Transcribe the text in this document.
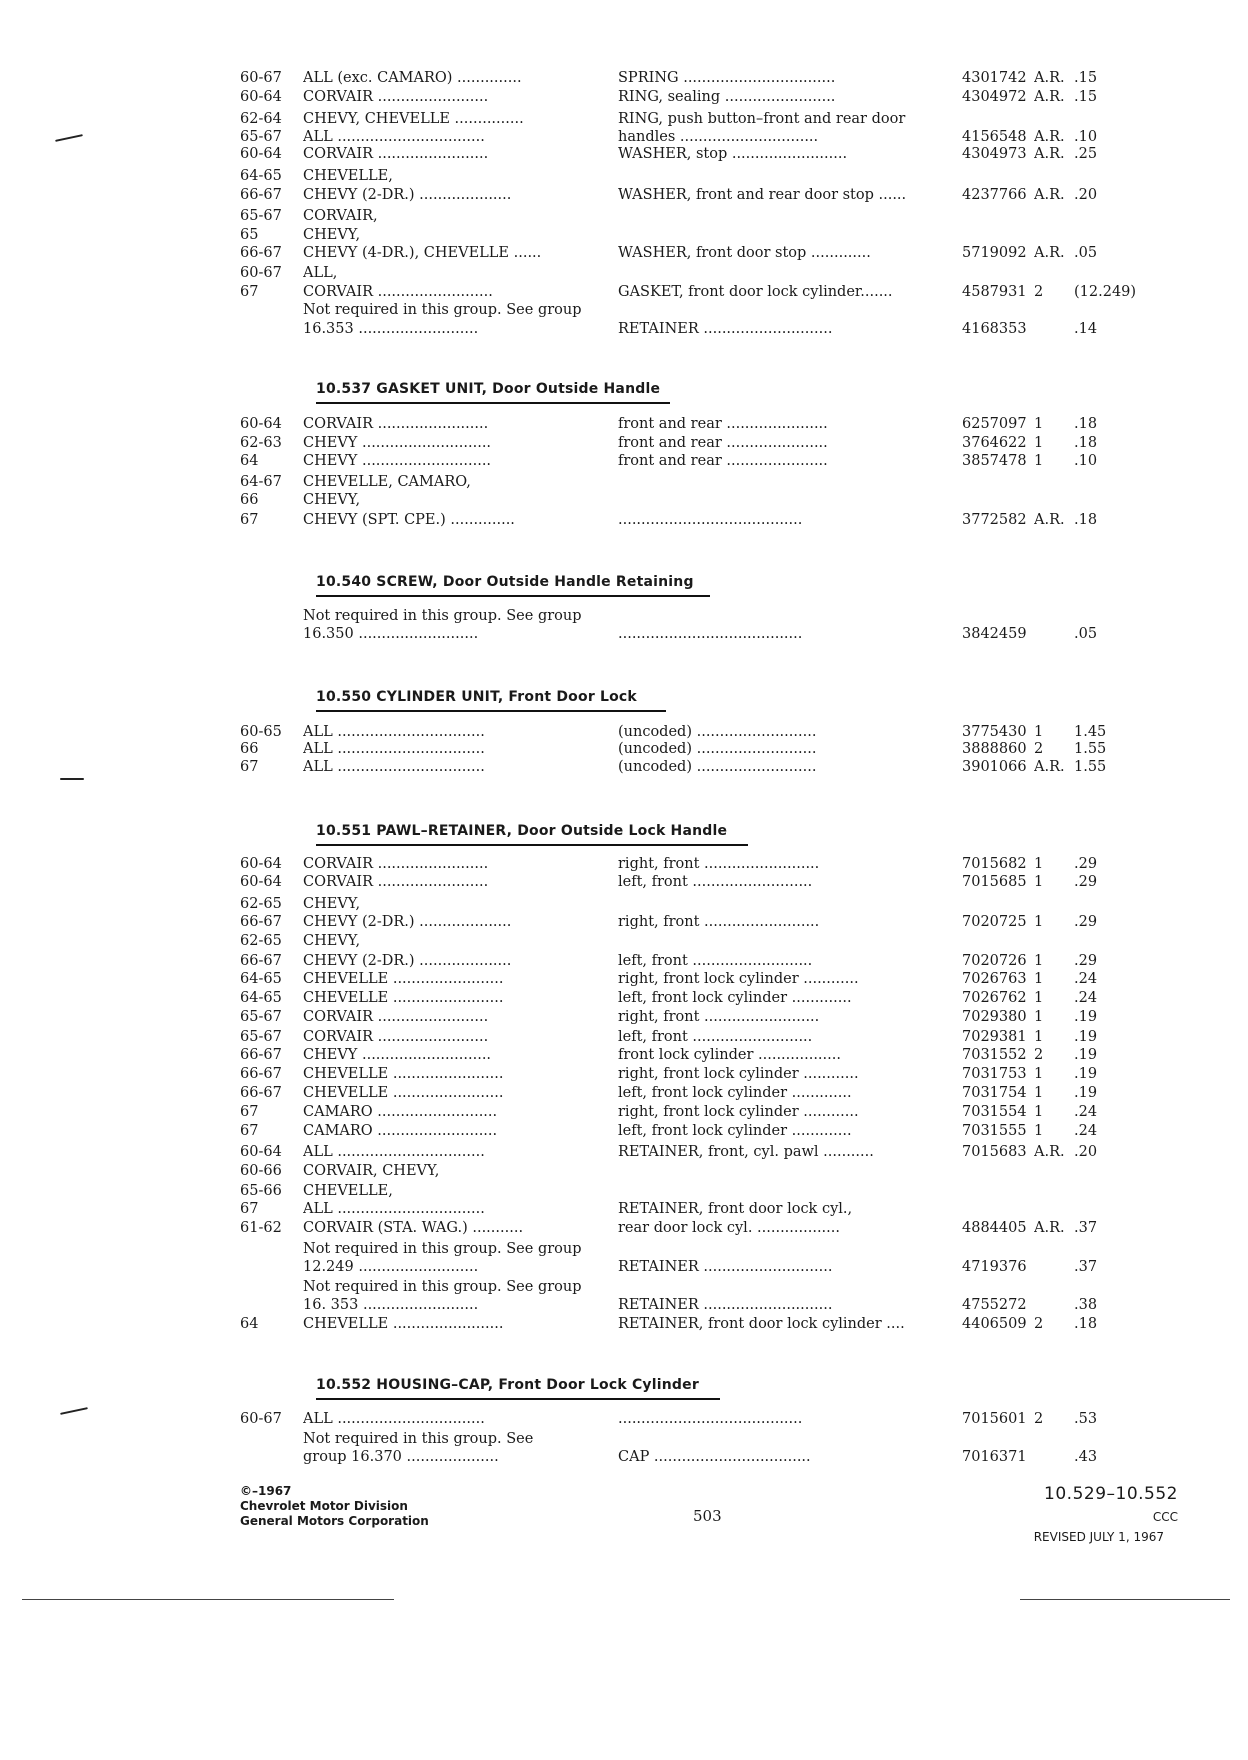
60-67	ALL (exc. CAMARO) ..............	SPRING .................................	4301742 A.R. .15
60-64	CORVAIR ........................	RING, sealing ........................	4304972 A.R. .15
62-64	CHEVY, CHEVELLE ...............	RING, push button–front and rear door
65-67	ALL ................................	handles ..............................	4156548 A.R. .10
60-64	CORVAIR ........................	WASHER, stop .........................	4304973 A.R. .25
64-65	CHEVELLE,
66-67	CHEVY (2-DR.) ....................	WASHER, front and rear door stop ......	4237766 A.R. .20
65-67	CORVAIR,
65	CHEVY,
66-67	CHEVY (4-DR.), CHEVELLE ......	WASHER, front door stop .............	5719092 A.R. .05
60-67	ALL,
67	CORVAIR .........................	GASKET, front door lock cylinder.......	4587931 2	(12.249)
Not required in this group. See group
16.353 ..........................	RETAINER ............................	4168353	.14
10.537 GASKET UNIT, Door Outside Handle
60-64	CORVAIR ........................	front and rear ......................	6257097 1	.18
62-63	CHEVY ............................	front and rear ......................	3764622 1	.18
64	CHEVY ............................	front and rear ......................	3857478 1	.10
64-67	CHEVELLE, CAMARO,
66	CHEVY,
67	CHEVY (SPT. CPE.) ..............	........................................	3772582 A.R. .18
10.540 SCREW, Door Outside Handle Retaining
Not required in this group. See group
16.350 ..........................	........................................	3842459	.05
10.550 CYLINDER UNIT, Front Door Lock
60-65	ALL ................................	(uncoded) ..........................	3775430 1	1.45
66	ALL ................................	(uncoded) ..........................	3888860 2	1.55
67	ALL ................................	(uncoded) ..........................	3901066 A.R. 1.55
10.551 PAWL–RETAINER, Door Outside Lock Handle
60-64	CORVAIR ........................	right, front .........................	7015682 1	.29
60-64	CORVAIR ........................	left, front ..........................	7015685 1	.29
62-65	CHEVY,
66-67	CHEVY (2-DR.) ....................	right, front .........................	7020725 1	.29
62-65	CHEVY,
66-67	CHEVY (2-DR.) ....................	left, front ..........................	7020726 1	.29
64-65	CHEVELLE ........................	right, front lock cylinder ............	7026763 1	.24
64-65	CHEVELLE ........................	left, front lock cylinder .............	7026762 1	.24
65-67	CORVAIR ........................	right, front .........................	7029380 1	.19
65-67	CORVAIR ........................	left, front ..........................	7029381 1	.19
66-67	CHEVY ............................	front lock cylinder ..................	7031552 2	.19
66-67	CHEVELLE ........................	right, front lock cylinder ............	7031753 1	.19
66-67	CHEVELLE ........................	left, front lock cylinder .............	7031754 1	.19
67	CAMARO ..........................	right, front lock cylinder ............	7031554 1	.24
67	CAMARO ..........................	left, front lock cylinder .............	7031555 1	.24
60-64	ALL ................................	RETAINER, front, cyl. pawl ...........	7015683 A.R. .20
60-66	CORVAIR, CHEVY,
65-66	CHEVELLE,
67	ALL ................................	RETAINER, front door lock cyl.,
61-62	CORVAIR (STA. WAG.) ...........	rear door lock cyl. ..................	4884405 A.R. .37
Not required in this group. See group
12.249 ..........................	RETAINER ............................	4719376	.37
Not required in this group. See group
16. 353 .........................	RETAINER ............................	4755272	.38
64	CHEVELLE ........................	RETAINER, front door lock cylinder ....	4406509 2	.18
10.552 HOUSING–CAP, Front Door Lock Cylinder
60-67	ALL ................................	........................................	7015601 2	.53
Not required in this group. See
group 16.370 ....................	CAP ..................................	7016371	.43
©–1967
Chevrolet Motor Division
General Motors Corporation	503
10.529–10.552
CCC
REVISED JULY 1, 1967
